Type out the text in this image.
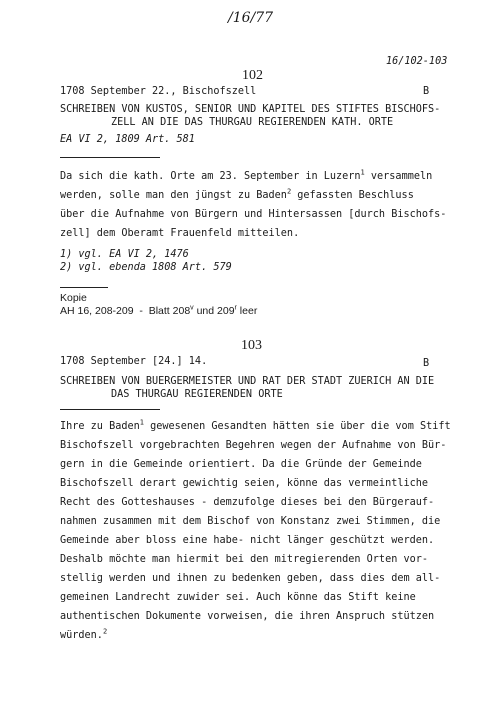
/16/77
16/102-103
102
1708 September 22., Bischofszell	B
SCHREIBEN VON KUSTOS, SENIOR UND KAPITEL DES STIFTES BISCHOFS-
ZELL AN DIE DAS THURGAU REGIERENDEN KATH. ORTE
EA VI 2, 1809 Art. 581
Da sich die kath. Orte am 23. September in Luzern$^1$ versammeln
werden, solle man den jüngst zu Baden$^2$ gefassten Beschluss
über die Aufnahme von Bürgern und Hintersassen [durch Bischofs-
zell] dem Oberamt Frauenfeld mitteilen.
1) vgl. EA VI 2, 1476
2) vgl. ebenda 1808 Art. 579
Kopie
AH 16, 208-209  -  Blatt 208$^v$ und 209$^r$ leer
103
1708 September [24.] 14.	B
SCHREIBEN VON BUERGERMEISTER UND RAT DER STADT ZUERICH AN DIE
DAS THURGAU REGIERENDEN ORTE
Ihre zu Baden$^1$ gewesenen Gesandten hätten sie über die vom Stift
Bischofszell vorgebrachten Begehren wegen der Aufnahme von Bür-
gern in die Gemeinde orientiert. Da die Gründe der Gemeinde
Bischofszell derart gewichtig seien, könne das vermeintliche
Recht des Gotteshauses - demzufolge dieses bei den Bürgerauf-
nahmen zusammen mit dem Bischof von Konstanz zwei Stimmen, die
Gemeinde aber bloss eine habe- nicht länger geschützt werden.
Deshalb möchte man hiermit bei den mitregierenden Orten vor-
stellig werden und ihnen zu bedenken geben, dass dies dem all-
gemeinen Landrecht zuwider sei. Auch könne das Stift keine
authentischen Dokumente vorweisen, die ihren Anspruch stützen
würden.$^2$
